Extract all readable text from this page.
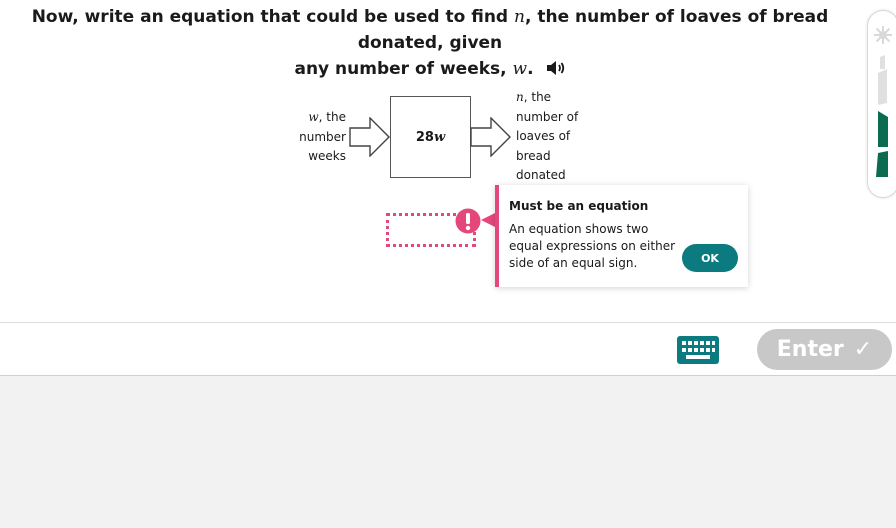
Now, write an equation that could be used to find n, the number of loaves of bread donated, given
any number of weeks, w.
w, the
number
weeks
28 w
n, the
number of
loaves of
bread
donated
Must be an equation
An equation shows two equal expressions on either side of an equal sign.	OK
Enter ✓
